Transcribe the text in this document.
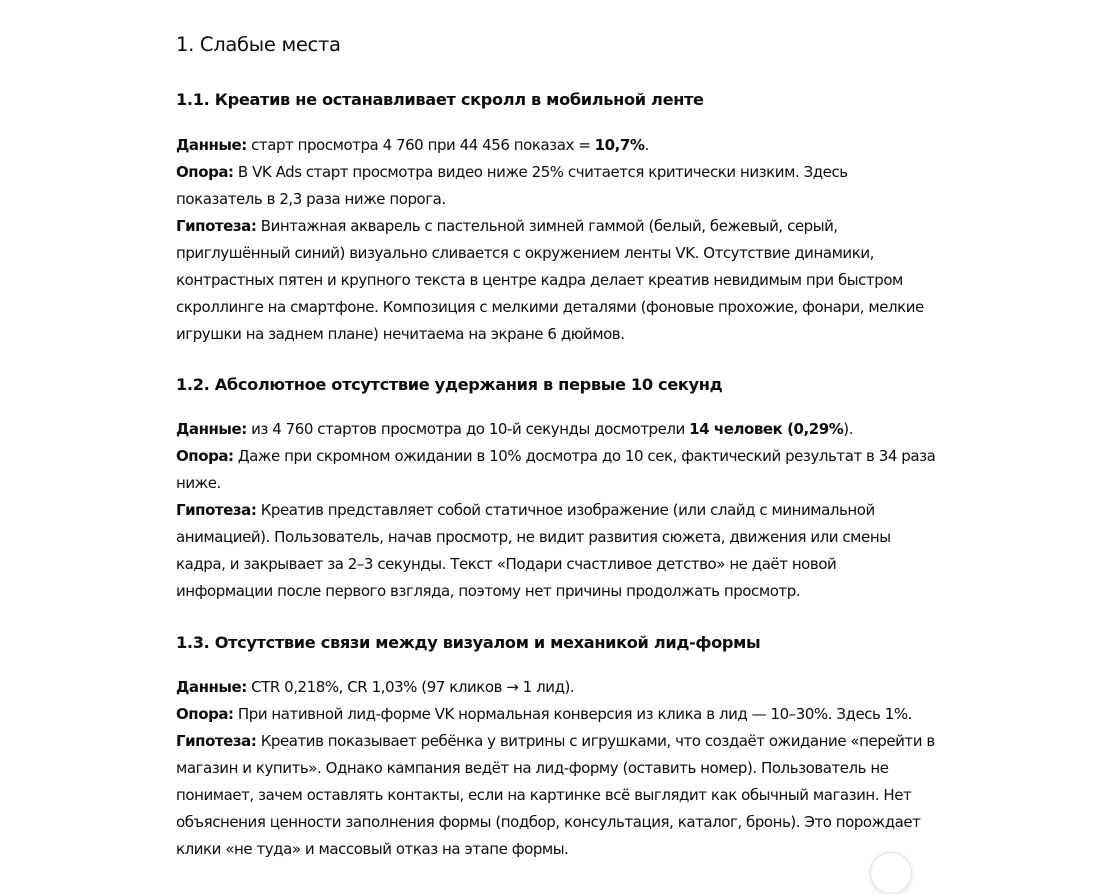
1. Слабые места
1.1. Креатив не останавливает скролл в мобильной ленте

Данные: старт просмотра 4 760 при 44 456 показах = 10,7%.

Опора: В VK Ads старт просмотра видео ниже 25% считается критически низким. Здесь показатель в 2,3 раза ниже порога.

Гипотеза: Винтажная акварель с пастельной зимней гаммой (белый, бежевый, серый, приглушённый синий) визуально сливается с окружением ленты VK. Отсутствие динамики, контрастных пятен и крупного текста в центре кадра делает креатив невидимым при быстром скроллинге на смартфоне. Композиция с мелкими деталями (фоновые прохожие, фонари, мелкие игрушки на заднем плане) нечитаема на экране 6 дюймов.

1.2. Абсолютное отсутствие удержания в первые 10 секунд

Данные: из 4 760 стартов просмотра до 10-й секунды досмотрели 14 человек (0,29%).

Опора: Даже при скромном ожидании в 10% досмотра до 10 сек, фактический результат в 34 раза ниже.

Гипотеза: Креатив представляет собой статичное изображение (или слайд с минимальной анимацией). Пользователь, начав просмотр, не видит развития сюжета, движения или смены кадра, и закрывает за 2–3 секунды. Текст «Подари счастливое детство» не даёт новой информации после первого взгляда, поэтому нет причины продолжать просмотр.

1.3. Отсутствие связи между визуалом и механикой лид-формы

Данные: CTR 0,218%, CR 1,03% (97 кликов → 1 лид).

Опора: При нативной лид-форме VK нормальная конверсия из клика в лид — 10–30%. Здесь 1%.

Гипотеза: Креатив показывает ребёнка у витрины с игрушками, что создаёт ожидание «перейти в магазин и купить». Однако кампания ведёт на лид-форму (оставить номер). Пользователь не понимает, зачем оставлять контакты, если на картинке всё выглядит как обычный магазин. Нет объяснения ценности заполнения формы (подбор, консультация, каталог, бронь). Это порождает клики «не туда» и массовый отказ на этапе формы.
